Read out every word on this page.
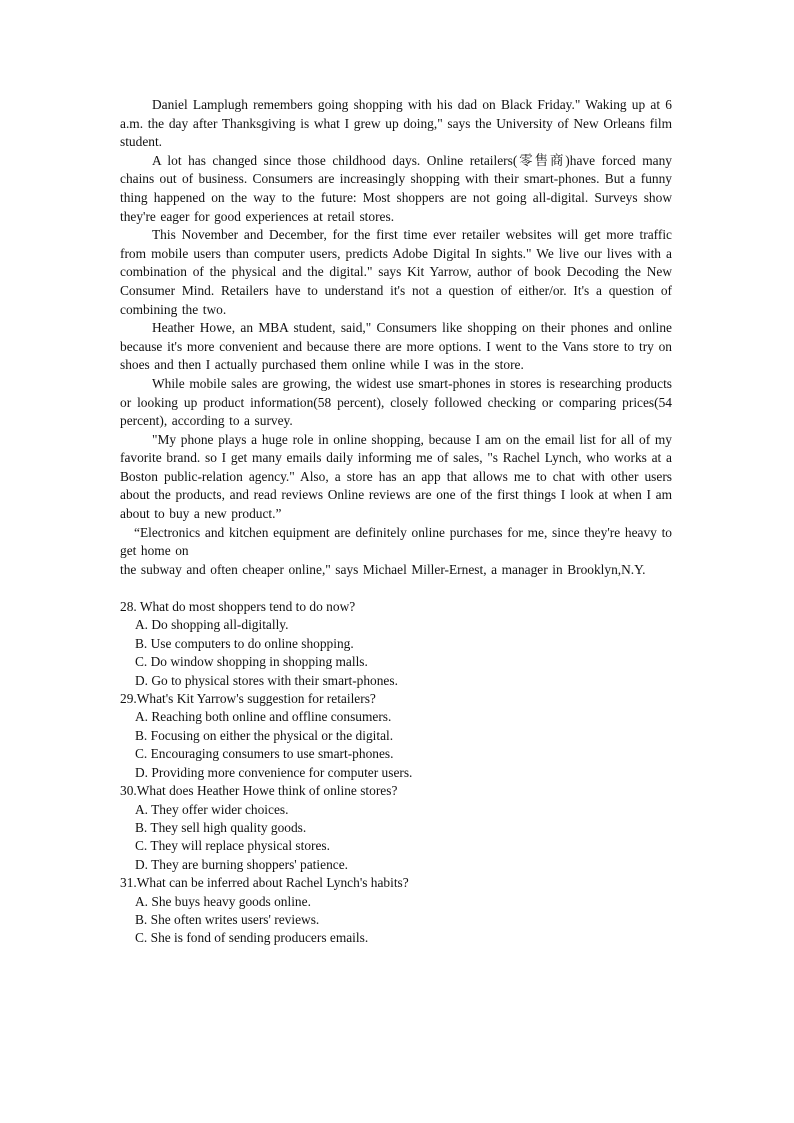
Daniel Lamplugh remembers going shopping with his dad on Black Friday." Waking up at 6 a.m. the day after Thanksgiving is what I grew up doing," says the University of New Orleans film student.

A lot has changed since those childhood days. Online retailers(零售商)have forced many chains out of business. Consumers are increasingly shopping with their smart-phones. But a funny thing happened on the way to the future: Most shoppers are not going all-digital. Surveys show they're eager for good experiences at retail stores.

This November and December, for the first time ever retailer websites will get more traffic from mobile users than computer users, predicts Adobe Digital In sights." We live our lives with a combination of the physical and the digital." says Kit Yarrow, author of book Decoding the New Consumer Mind. Retailers have to understand it's not a question of either/or. It's a question of combining the two.

Heather Howe, an MBA student, said," Consumers like shopping on their phones and online because it's more convenient and because there are more options. I went to the Vans store to try on shoes and then I actually purchased them online while I was in the store.

While mobile sales are growing, the widest use smart-phones in stores is researching products or looking up product information(58 percent), closely followed checking or comparing prices(54 percent), according to a survey.

"My phone plays a huge role in online shopping, because I am on the email list for all of my favorite brand. so I get many emails daily informing me of sales, "s Rachel Lynch, who works at a Boston public-relation agency." Also, a store has an app that allows me to chat with other users about the products, and read reviews Online reviews are one of the first things I look at when I am about to buy a new product.”

“Electronics and kitchen equipment are definitely online purchases for me, since they're heavy to get home on

the subway and often cheaper online," says Michael Miller-Ernest, a manager in Brooklyn,N.Y.

28. What do most shoppers tend to do now?

A. Do shopping all-digitally.

B. Use computers to do online shopping.

C. Do window shopping in shopping malls.

D. Go to physical stores with their smart-phones.

29.What's Kit Yarrow's suggestion for retailers?

A. Reaching both online and offline consumers.

B. Focusing on either the physical or the digital.

C. Encouraging consumers to use smart-phones.

D. Providing more convenience for computer users.

30.What does Heather Howe think of online stores?

A. They offer wider choices.

B. They sell high quality goods.

C. They will replace physical stores.

D. They are burning shoppers' patience.

31.What can be inferred about Rachel Lynch's habits?

A. She buys heavy goods online.

B. She often writes users' reviews.

C. She is fond of sending producers emails.
